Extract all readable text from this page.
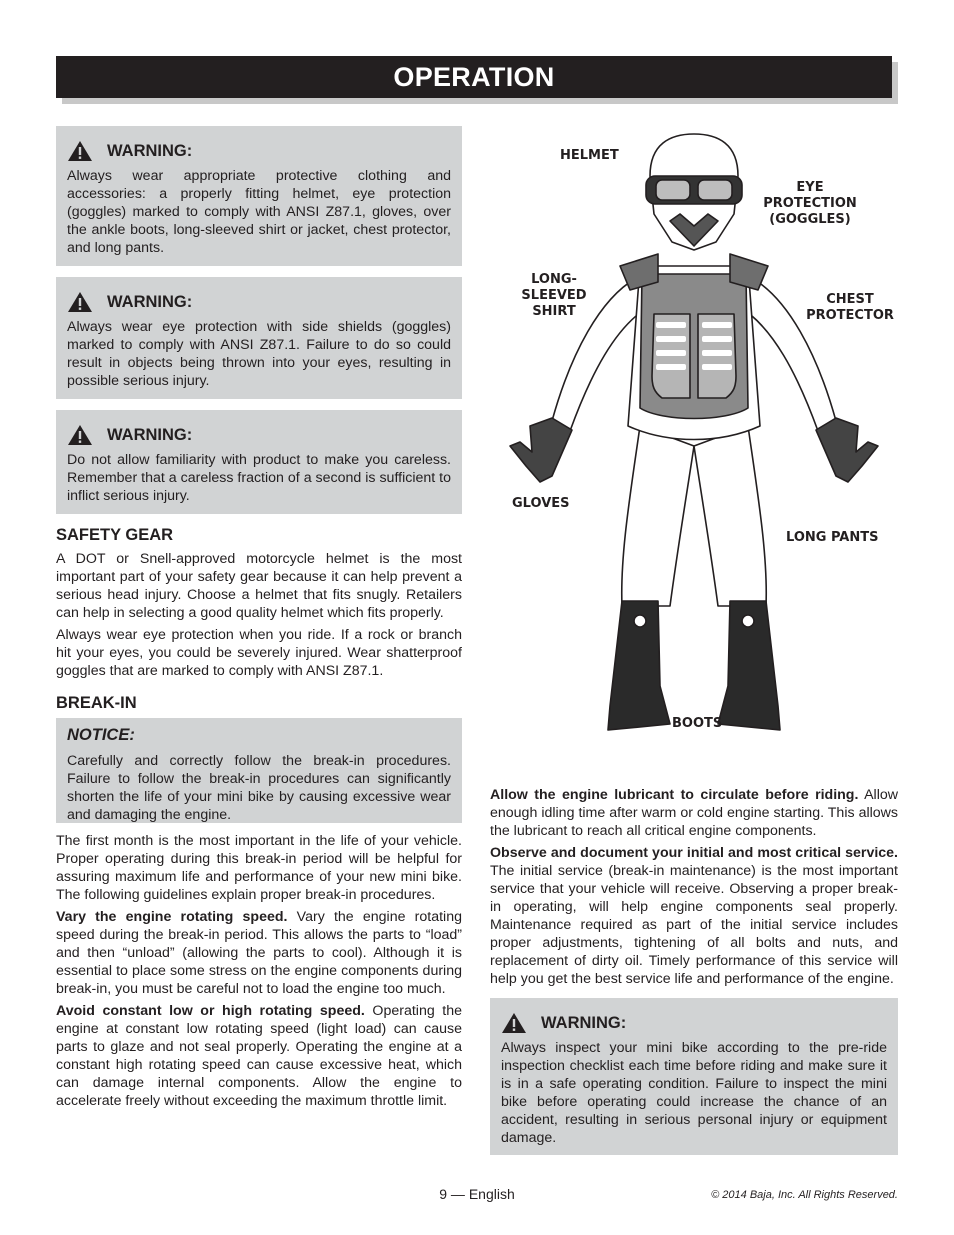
OPERATION
WARNING:

Always wear appropriate protective clothing and accessories: a properly fitting helmet, eye protection (goggles) marked to comply with ANSI Z87.1, gloves, over the ankle boots, long-sleeved shirt or jacket, chest protector, and long pants.

WARNING:

Always wear eye protection with side shields (goggles) marked to comply with ANSI Z87.1. Failure to do so could result in objects being thrown into your eyes, resulting in possible serious injury.

WARNING:

Do not allow familiarity with product to make you careless. Remember that a careless fraction of a second is sufficient to inflict serious injury.

SAFETY GEAR

A DOT or Snell-approved motorcycle helmet is the most important part of your safety gear because it can help prevent a serious head injury. Choose a helmet that fits snugly. Retailers can help in selecting a good quality helmet which fits properly.

Always wear eye protection when you ride. If a rock or branch hit your eyes, you could be severely injured. Wear shatterproof goggles that are marked to comply with ANSI Z87.1.

BREAK-IN
NOTICE:

Carefully and correctly follow the break-in procedures. Failure to follow the break-in procedures can significantly shorten the life of your mini bike by causing excessive wear and damaging the engine.

The first month is the most important in the life of your vehicle. Proper operating during this break-in period will be helpful for assuring maximum life and performance of your new mini bike. The following guidelines explain proper break-in procedures.

Vary the engine rotating speed. Vary the engine rotating speed during the break-in period. This allows the parts to “load” and then “unload” (allowing the parts to cool). Although it is essential to place some stress on the engine components during break-in, you must be careful not to load the engine too much.

Avoid constant low or high rotating speed. Operating the engine at constant low rotating speed (light load) can cause parts to glaze and not seal properly. Operating the engine at a constant high rotating speed can cause excessive heat, which can damage internal components. Allow the engine to accelerate freely without exceeding the maximum throttle limit.

HELMET
EYE
PROTECTION
(GOGGLES)
LONG-SLEEVED
SHIRT
CHEST
PROTECTOR
GLOVES
LONG PANTS
BOOTS

Allow the engine lubricant to circulate before riding. Allow enough idling time after warm or cold engine starting. This allows the lubricant to reach all critical engine components.

Observe and document your initial and most critical service. The initial service (break-in maintenance) is the most important service that your vehicle will receive. Observing a proper break-in operating, will help engine components seal properly. Maintenance required as part of the initial service includes proper adjustments, tightening of all bolts and nuts, and replacement of dirty oil. Timely performance of this service will help you get the best service life and performance of the engine.

WARNING:

Always inspect your mini bike according to the pre-ride inspection checklist each time before riding and make sure it is in a safe operating condition. Failure to inspect the mini bike before operating could increase the chance of an accident, resulting in serious personal injury or equipment damage.

9 — English	© 2014 Baja, Inc. All Rights Reserved.
